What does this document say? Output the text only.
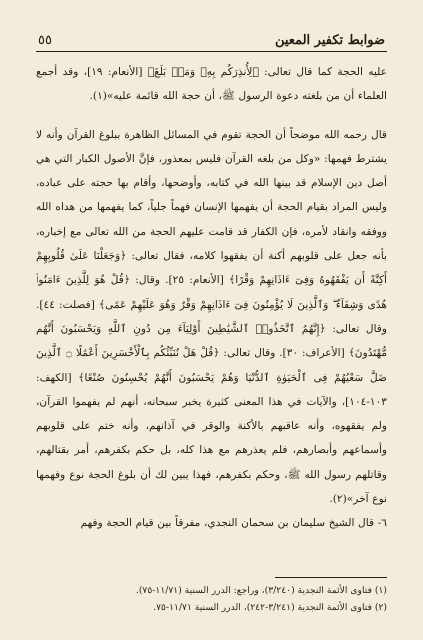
ضوابط تكفير المعين
٥٥

عليه الحجة كما قال تعالى: ﴿لِأُنذِرَكُم بِهِۦ وَمَنۢ بَلَغَ﴾ [الأنعام: ١٩]، وقد أجمع العلماء أن من بلغته دعوة الرسول ﷺ، أن حجة الله قائمة عليه»(١).

قال رحمه الله موضحاً أن الحجة تقوم في المسائل الظاهرة ببلوغ القرآن وأنه لا يشترط فهمها: «وكل من بلغه القرآن فليس بمعذور، فإنَّ الأصول الكبار التي هي أصل دين الإسلام قد بينها الله في كتابه، وأوضحها، وأقام بها حجته على عباده، وليس المراد بقيام الحجة أن يفهمها الإنسان فهماً جلياً، كما يفهمها من هداه الله ووفقه وانقاد لأمره، فإن الكفار قد قامت عليهم الحجة من الله تعالى مع إخباره، بأنه جعل على قلوبهم أكنة أن يفقهوا كلامه، فقال تعالى: ﴿وَجَعَلْنَا عَلَىٰ قُلُوبِهِمْ أَكِنَّةً أَن يَفْقَهُوهُ وَفِىٓ ءَاذَانِهِمْ وَقْرًا﴾ [الأنعام: ٢٥]. وقال: ﴿قُلْ هُوَ لِلَّذِينَ ءَامَنُوا۟ هُدًى وَشِفَآءٌ ۖ وَٱلَّذِينَ لَا يُؤْمِنُونَ فِىٓ ءَاذَانِهِمْ وَقْرٌ وَهُوَ عَلَيْهِمْ عَمًى﴾ [فصلت: ٤٤]. وقال تعالى: ﴿إِنَّهُمُ ٱتَّخَذُوا۟ ٱلشَّيَٰطِينَ أَوْلِيَآءَ مِن دُونِ ٱللَّهِ وَيَحْسَبُونَ أَنَّهُم مُّهْتَدُونَ﴾ [الأعراف: ٣٠]. وقال تعالى: ﴿قُلْ هَلْ نُنَبِّئُكُم بِٱلْأَخْسَرِينَ أَعْمَٰلًا ۝ ٱلَّذِينَ ضَلَّ سَعْيُهُمْ فِى ٱلْحَيَوٰةِ ٱلدُّنْيَا وَهُمْ يَحْسَبُونَ أَنَّهُمْ يُحْسِنُونَ صُنْعًا﴾ [الكهف: ١٠٣-١٠٤]، والآيات في هذا المعنى كثيرة يخبر سبحانه، أنهم لم يفهموا القرآن، ولم يفقهوه، وأنه عاقبهم بالأكنة والوقر في آذانهم، وأنه ختم على قلوبهم وأسماعهم وأبصارهم، فلم يعذرهم مع هذا كله، بل حكم بكفرهم، أمر بقتالهم، وقاتلهم رسول الله ﷺ، وحكم بكفرهم، فهذا يبين لك أن بلوغ الحجة نوع وفهمها نوع آخر»(٢).

٦- قال الشيخ سليمان بن سحمان النجدي، مفرقاً بين قيام الحجة وفهم

(١) فتاوى الأئمة النجدية (٣/٢٤٠)، وراجع: الدرر السنية (١١/٧١-٧٥).

(٢) فتاوى الأئمة النجدية (٣/٢٤١-٢٤٢)، الدرر السنية ١١/٧١-٧٥.
